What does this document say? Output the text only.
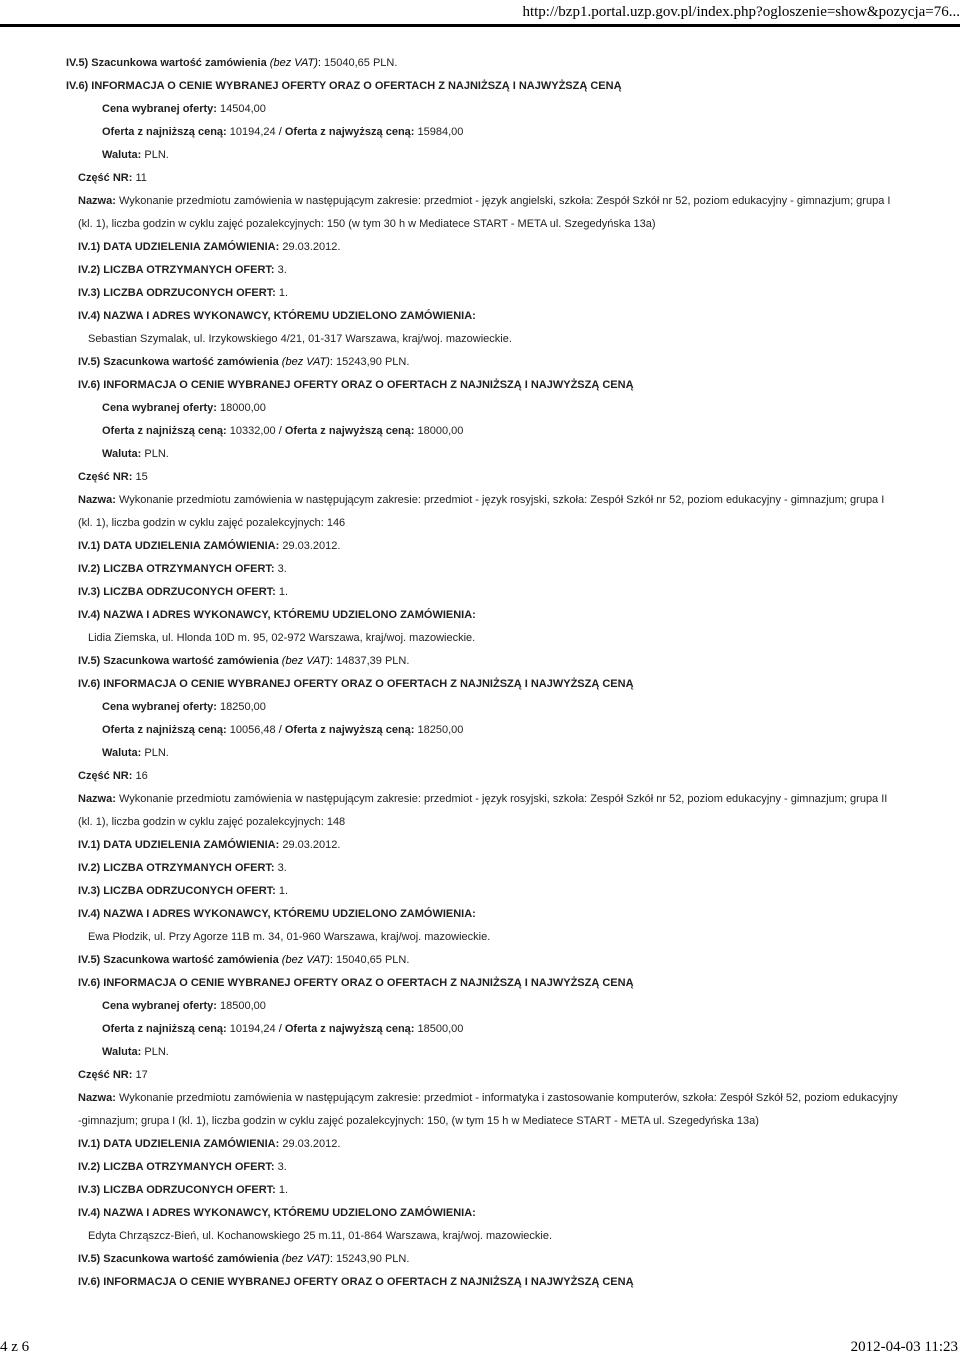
http://bzp1.portal.uzp.gov.pl/index.php?ogloszenie=show&pozycja=76...
IV.5) Szacunkowa wartość zamówienia (bez VAT): 15040,65 PLN.
IV.6) INFORMACJA O CENIE WYBRANEJ OFERTY ORAZ O OFERTACH Z NAJNIŻSZĄ I NAJWYŻSZĄ CENĄ
Cena wybranej oferty: 14504,00
Oferta z najniższą ceną: 10194,24 / Oferta z najwyższą ceną: 15984,00
Waluta: PLN.
Część NR: 11
Nazwa: Wykonanie przedmiotu zamówienia w następującym zakresie: przedmiot - język angielski, szkoła: Zespół Szkół nr 52, poziom edukacyjny - gimnazjum; grupa I (kl. 1), liczba godzin w cyklu zajęć pozalekcyjnych: 150 (w tym 30 h w Mediatece START - META ul. Szegedyńska 13a)
IV.1) DATA UDZIELENIA ZAMÓWIENIA: 29.03.2012.
IV.2) LICZBA OTRZYMANYCH OFERT: 3.
IV.3) LICZBA ODRZUCONYCH OFERT: 1.
IV.4) NAZWA I ADRES WYKONAWCY, KTÓREMU UDZIELONO ZAMÓWIENIA:
Sebastian Szymalak, ul. Irzykowskiego 4/21, 01-317 Warszawa, kraj/woj. mazowieckie.
IV.5) Szacunkowa wartość zamówienia (bez VAT): 15243,90 PLN.
IV.6) INFORMACJA O CENIE WYBRANEJ OFERTY ORAZ O OFERTACH Z NAJNIŻSZĄ I NAJWYŻSZĄ CENĄ
Cena wybranej oferty: 18000,00
Oferta z najniższą ceną: 10332,00 / Oferta z najwyższą ceną: 18000,00
Waluta: PLN.
Część NR: 15
Nazwa: Wykonanie przedmiotu zamówienia w następującym zakresie: przedmiot - język rosyjski, szkoła: Zespół Szkół nr 52, poziom edukacyjny - gimnazjum; grupa I (kl. 1), liczba godzin w cyklu zajęć pozalekcyjnych: 146
IV.1) DATA UDZIELENIA ZAMÓWIENIA: 29.03.2012.
IV.2) LICZBA OTRZYMANYCH OFERT: 3.
IV.3) LICZBA ODRZUCONYCH OFERT: 1.
IV.4) NAZWA I ADRES WYKONAWCY, KTÓREMU UDZIELONO ZAMÓWIENIA:
Lidia Ziemska, ul. Hlonda 10D m. 95, 02-972 Warszawa, kraj/woj. mazowieckie.
IV.5) Szacunkowa wartość zamówienia (bez VAT): 14837,39 PLN.
IV.6) INFORMACJA O CENIE WYBRANEJ OFERTY ORAZ O OFERTACH Z NAJNIŻSZĄ I NAJWYŻSZĄ CENĄ
Cena wybranej oferty: 18250,00
Oferta z najniższą ceną: 10056,48 / Oferta z najwyższą ceną: 18250,00
Waluta: PLN.
Część NR: 16
Nazwa: Wykonanie przedmiotu zamówienia w następującym zakresie: przedmiot - język rosyjski, szkoła: Zespół Szkół nr 52, poziom edukacyjny - gimnazjum; grupa II (kl. 1), liczba godzin w cyklu zajęć pozalekcyjnych: 148
IV.1) DATA UDZIELENIA ZAMÓWIENIA: 29.03.2012.
IV.2) LICZBA OTRZYMANYCH OFERT: 3.
IV.3) LICZBA ODRZUCONYCH OFERT: 1.
IV.4) NAZWA I ADRES WYKONAWCY, KTÓREMU UDZIELONO ZAMÓWIENIA:
Ewa Płodzik, ul. Przy Agorze 11B m. 34, 01-960 Warszawa, kraj/woj. mazowieckie.
IV.5) Szacunkowa wartość zamówienia (bez VAT): 15040,65 PLN.
IV.6) INFORMACJA O CENIE WYBRANEJ OFERTY ORAZ O OFERTACH Z NAJNIŻSZĄ I NAJWYŻSZĄ CENĄ
Cena wybranej oferty: 18500,00
Oferta z najniższą ceną: 10194,24 / Oferta z najwyższą ceną: 18500,00
Waluta: PLN.
Część NR: 17
Nazwa: Wykonanie przedmiotu zamówienia w następującym zakresie: przedmiot - informatyka i zastosowanie komputerów, szkoła: Zespół Szkół 52, poziom edukacyjny -gimnazjum; grupa I (kl. 1), liczba godzin w cyklu zajęć pozalekcyjnych: 150, (w tym 15 h w Mediatece START - META ul. Szegedyńska 13a)
IV.1) DATA UDZIELENIA ZAMÓWIENIA: 29.03.2012.
IV.2) LICZBA OTRZYMANYCH OFERT: 3.
IV.3) LICZBA ODRZUCONYCH OFERT: 1.
IV.4) NAZWA I ADRES WYKONAWCY, KTÓREMU UDZIELONO ZAMÓWIENIA:
Edyta Chrząszcz-Bień, ul. Kochanowskiego 25 m.11, 01-864 Warszawa, kraj/woj. mazowieckie.
IV.5) Szacunkowa wartość zamówienia (bez VAT): 15243,90 PLN.
IV.6) INFORMACJA O CENIE WYBRANEJ OFERTY ORAZ O OFERTACH Z NAJNIŻSZĄ I NAJWYŻSZĄ CENĄ
4 z 6	2012-04-03 11:23
